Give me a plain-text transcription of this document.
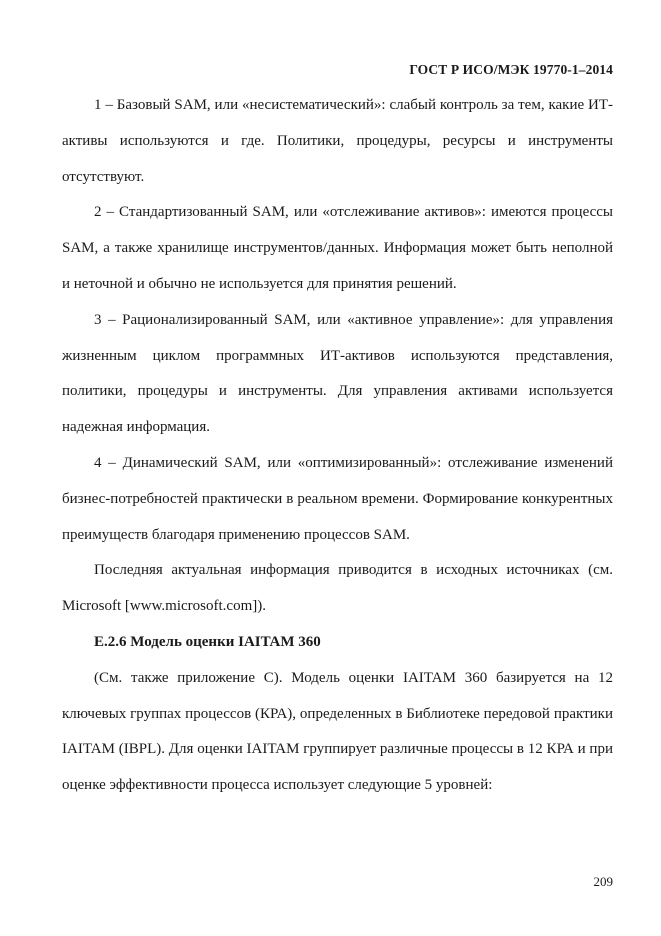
ГОСТ Р ИСО/МЭК 19770-1–2014

1 – Базовый SAM, или «несистематический»: слабый контроль за тем, какие ИТ-активы используются и где. Политики, процедуры, ресурсы и инструменты отсутствуют.

2 – Стандартизованный SAM, или «отслеживание активов»: имеются процессы SAM, а также хранилище инструментов/данных. Информация может быть неполной и неточной и обычно не используется для принятия решений.

3 – Рационализированный SAM, или «активное управление»: для управления жизненным циклом программных ИТ-активов используются представления, политики, процедуры и инструменты. Для управления активами используется надежная информация.

4 – Динамический SAM, или «оптимизированный»: отслеживание изменений бизнес-потребностей практически в реальном времени. Формирование конкурентных преимуществ благодаря применению процессов SAM.

Последняя актуальная информация приводится в исходных источниках (см. Microsoft [www.microsoft.com]).

E.2.6 Модель оценки IAITAM 360

(См. также приложение С). Модель оценки IAITAM 360 базируется на 12 ключевых группах процессов (КРА), определенных в Библиотеке передовой практики IAITAM (IBPL). Для оценки IAITAM группирует различные процессы в 12 КРА и при оценке эффективности процесса использует следующие 5 уровней:

209
